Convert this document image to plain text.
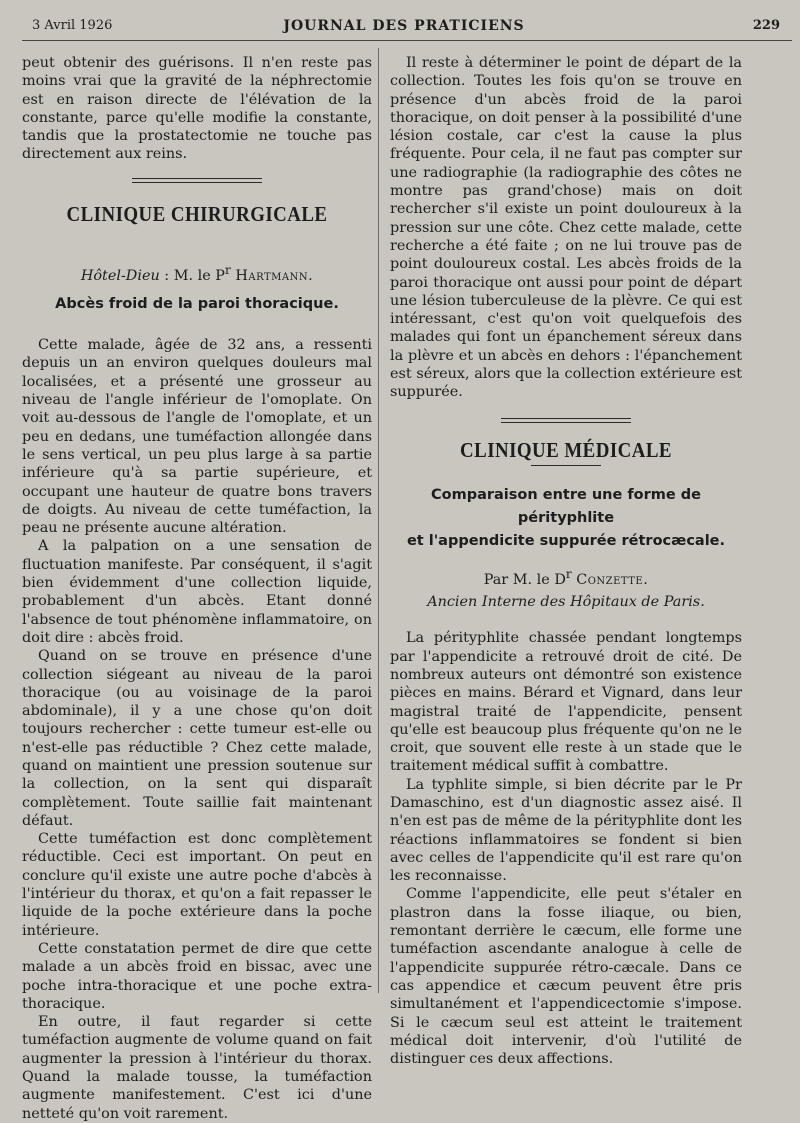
3 Avril 1926	JOURNAL DES PRATICIENS	229

peut obtenir des guérisons. Il n'en reste pas moins vrai que la gravité de la néphrectomie est en raison directe de l'élévation de la constante, parce qu'elle modifie la constante, tandis que la prostatectomie ne touche pas directement aux reins.

CLINIQUE CHIRURGICALE

Hôtel-Dieu : M. le $P^r$ Hartmann.

Abcès froid de la paroi thoracique.

Cette malade, âgée de 32 ans, a ressenti depuis un an environ quelques douleurs mal localisées, et a présenté une grosseur au niveau de l'angle inférieur de l'omoplate. On voit au-dessous de l'angle de l'omoplate, et un peu en dedans, une tuméfaction allongée dans le sens vertical, un peu plus large à sa partie inférieure qu'à sa partie supérieure, et occupant une hauteur de quatre bons travers de doigts. Au niveau de cette tuméfaction, la peau ne présente aucune altération.

A la palpation on a une sensation de fluctuation manifeste. Par conséquent, il s'agit bien évidemment d'une collection liquide, probablement d'un abcès. Etant donné l'absence de tout phénomène inflammatoire, on doit dire : abcès froid.

Quand on se trouve en présence d'une collection siégeant au niveau de la paroi thoracique (ou au voisinage de la paroi abdominale), il y a une chose qu'on doit toujours rechercher : cette tumeur est-elle ou n'est-elle pas réductible ? Chez cette malade, quand on maintient une pression soutenue sur la collection, on la sent qui disparaît complètement. Toute saillie fait maintenant défaut.

Cette tuméfaction est donc complètement réductible. Ceci est important. On peut en conclure qu'il existe une autre poche d'abcès à l'intérieur du thorax, et qu'on a fait repasser le liquide de la poche extérieure dans la poche intérieure.

Cette constatation permet de dire que cette malade a un abcès froid en bissac, avec une poche intra-thoracique et une poche extra-thoracique.

En outre, il faut regarder si cette tuméfaction augmente de volume quand on fait augmenter la pression à l'intérieur du thorax. Quand la malade tousse, la tuméfaction augmente manifestement. C'est ici d'une netteté qu'on voit rarement.

Il reste à déterminer le point de départ de la collection. Toutes les fois qu'on se trouve en présence d'un abcès froid de la paroi thoracique, on doit penser à la possibilité d'une lésion costale, car c'est la cause la plus fréquente. Pour cela, il ne faut pas compter sur une radiographie (la radiographie des côtes ne montre pas grand'chose) mais on doit rechercher s'il existe un point douloureux à la pression sur une côte. Chez cette malade, cette recherche a été faite ; on ne lui trouve pas de point douloureux costal. Les abcès froids de la paroi thoracique ont aussi pour point de départ une lésion tuberculeuse de la plèvre. Ce qui est intéressant, c'est qu'on voit quelquefois des malades qui font un épanchement séreux dans la plèvre et un abcès en dehors : l'épanchement est séreux, alors que la collection extérieure est suppurée.

CLINIQUE MÉDICALE

Comparaison entre une forme de pérityphlite

et l'appendicite suppurée rétrocæcale.

Par M. le $D^r$ Conzette.

Ancien Interne des Hôpitaux de Paris.

La pérityphlite chassée pendant longtemps par l'appendicite a retrouvé droit de cité. De nombreux auteurs ont démontré son existence pièces en mains. Bérard et Vignard, dans leur magistral traité de l'appendicite, pensent qu'elle est beaucoup plus fréquente qu'on ne le croit, que souvent elle reste à un stade que le traitement médical suffit à combattre.

La typhlite simple, si bien décrite par le Pr Damaschino, est d'un diagnostic assez aisé. Il n'en est pas de même de la pérityphlite dont les réactions inflammatoires se fondent si bien avec celles de l'appendicite qu'il est rare qu'on les reconnaisse.

Comme l'appendicite, elle peut s'étaler en plastron dans la fosse iliaque, ou bien, remontant derrière le cæcum, elle forme une tuméfaction ascendante analogue à celle de l'appendicite suppurée rétro-cæcale. Dans ce cas appendice et cæcum peuvent être pris simultanément et l'appendicectomie s'impose. Si le cæcum seul est atteint le traitement médical doit intervenir, d'où l'utilité de distinguer ces deux affections.
